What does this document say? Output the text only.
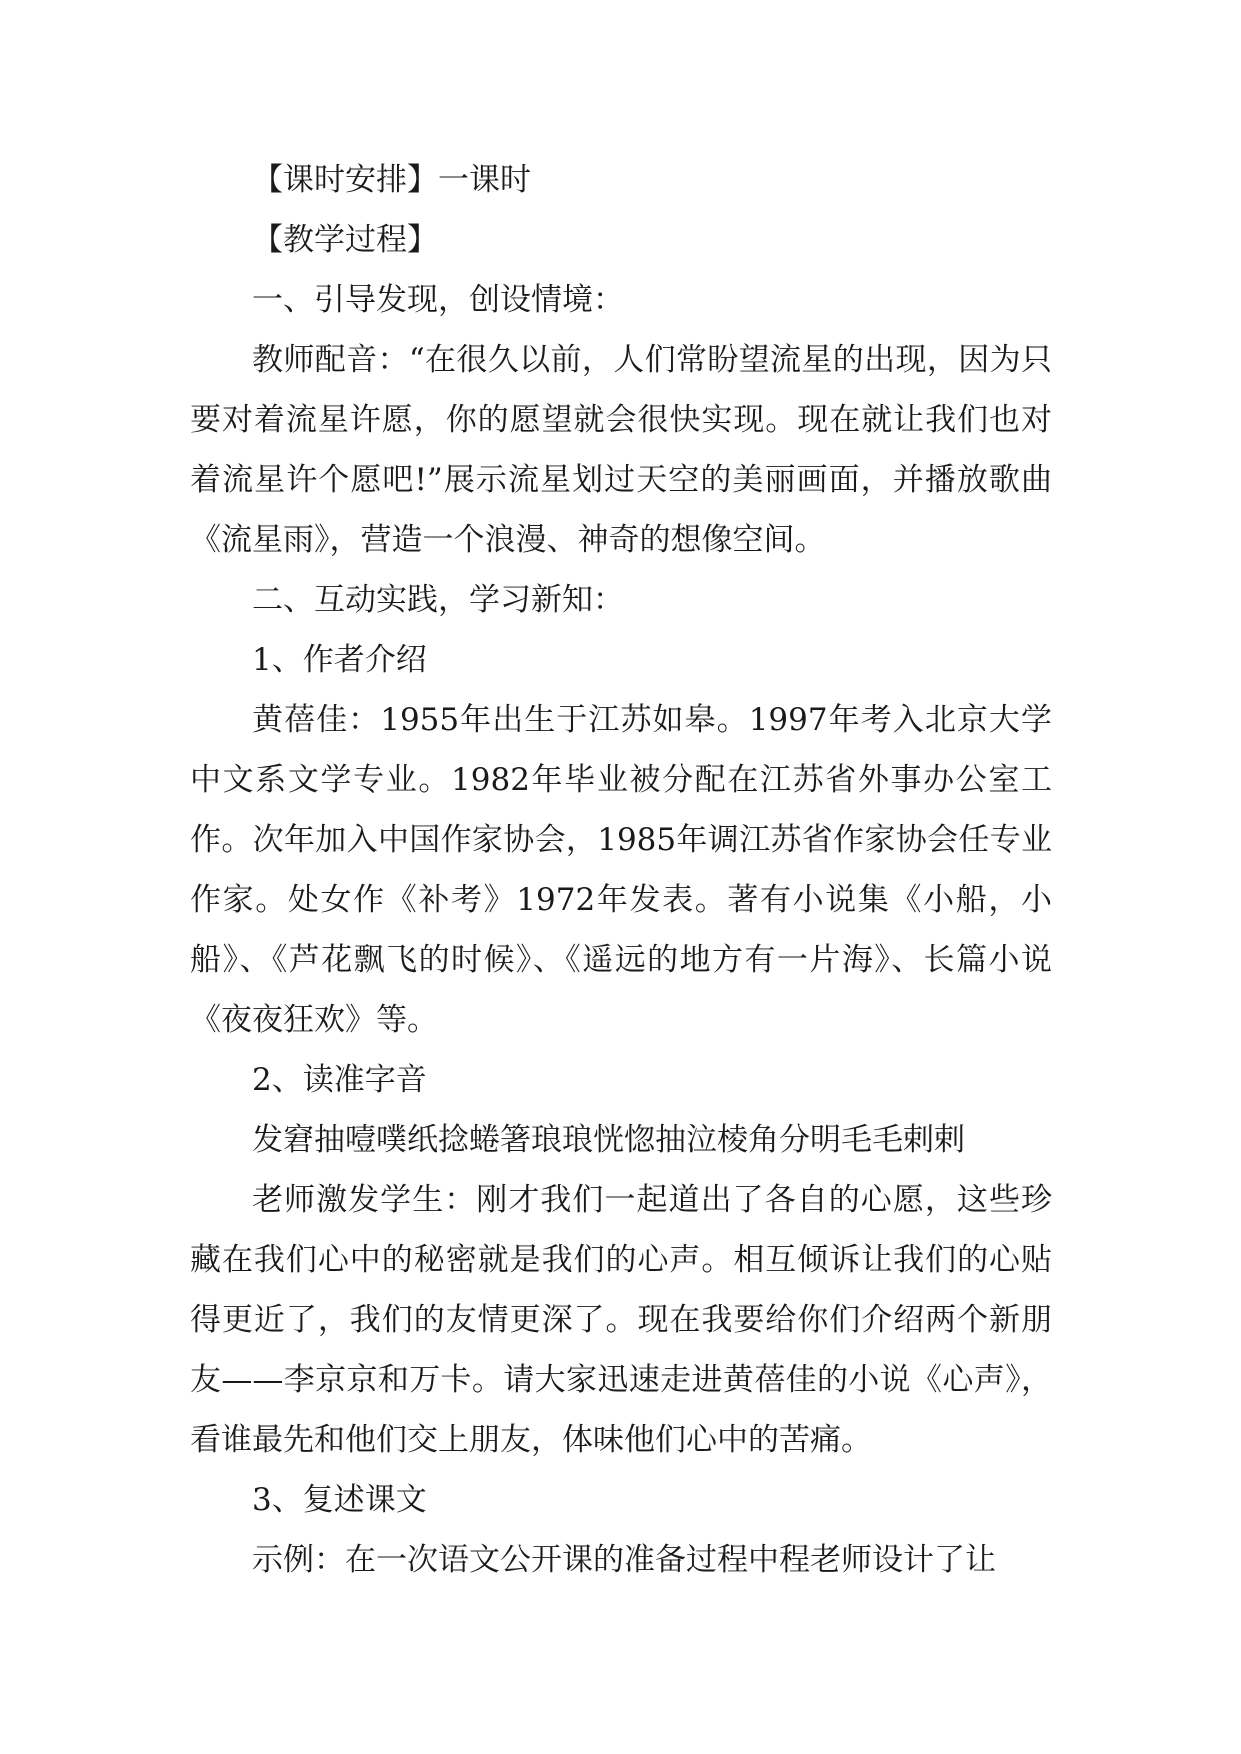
【课时安排】一课时

【教学过程】

一、引导发现，创设情境：

教师配音：“在很久以前，人们常盼望流星的出现，因为只要对着流星许愿，你的愿望就会很快实现。现在就让我们也对着流星许个愿吧!”展示流星划过天空的美丽画面，并播放歌曲《流星雨》，营造一个浪漫、神奇的想像空间。

二、互动实践，学习新知：

1、作者介绍

黄蓓佳：1955年出生于江苏如皋。1997年考入北京大学中文系文学专业。1982年毕业被分配在江苏省外事办公室工作。次年加入中国作家协会，1985年调江苏省作家协会任专业作家。处女作《补考》1972年发表。著有小说集《小船，小船》、《芦花飘飞的时候》、《遥远的地方有一片海》、长篇小说《夜夜狂欢》等。

2、读准字音

发窘抽噎噗纸捻蜷箸琅琅恍惚抽泣棱角分明毛毛剌剌

老师激发学生：刚才我们一起道出了各自的心愿，这些珍藏在我们心中的秘密就是我们的心声。相互倾诉让我们的心贴得更近了，我们的友情更深了。现在我要给你们介绍两个新朋友——李京京和万卡。请大家迅速走进黄蓓佳的小说《心声》，看谁最先和他们交上朋友，体味他们心中的苦痛。

3、复述课文

示例：在一次语文公开课的准备过程中程老师设计了让
